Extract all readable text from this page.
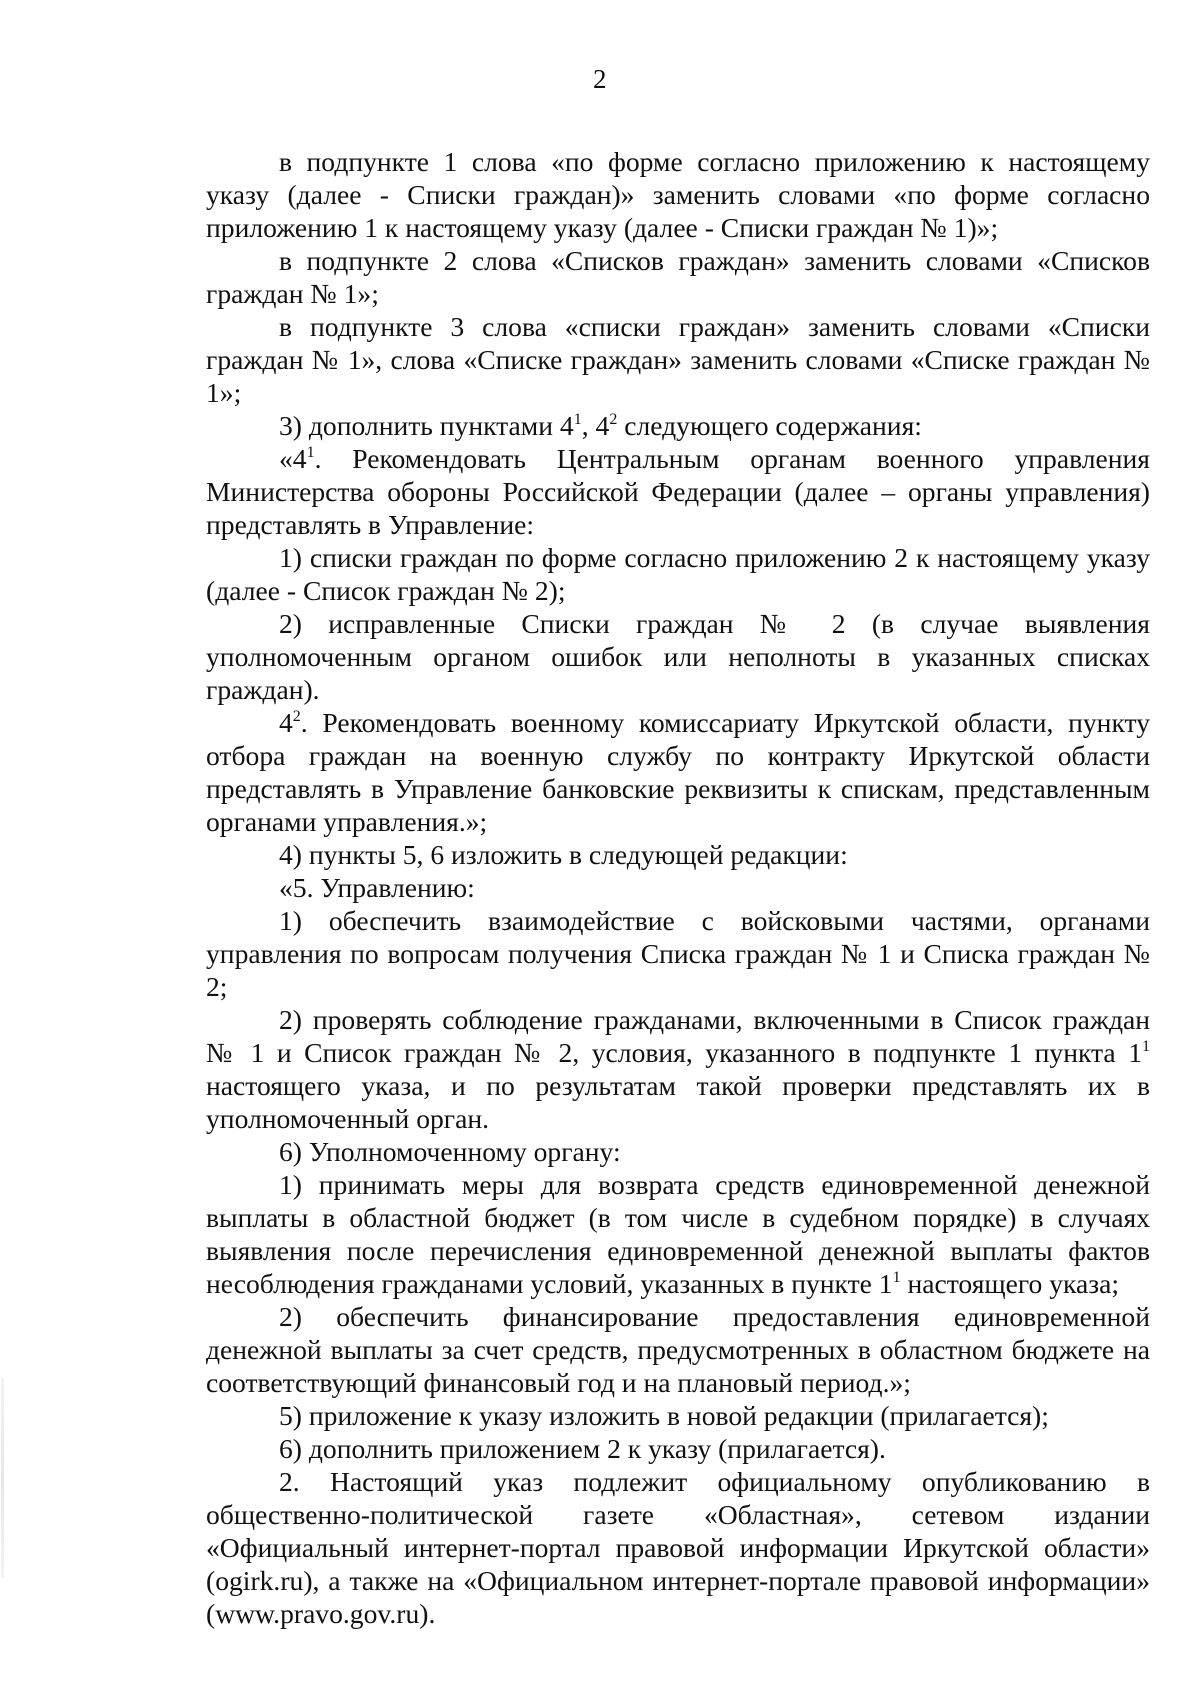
2

в подпункте 1 слова «по форме согласно приложению к настоящему указу (далее - Списки граждан)» заменить словами «по форме согласно приложению 1 к настоящему указу (далее - Списки граждан № 1)»;

в подпункте 2 слова «Списков граждан» заменить словами «Списков граждан № 1»;

в подпункте 3 слова «списки граждан» заменить словами «Списки граждан № 1», слова «Списке граждан» заменить словами «Списке граждан № 1»;

3) дополнить пунктами $4^1$, $4^2$ следующего содержания:

«$4^1$. Рекомендовать Центральным органам военного управления Министерства обороны Российской Федерации (далее – органы управления) представлять в Управление:

1) списки граждан по форме согласно приложению 2 к настоящему указу (далее - Список граждан № 2);

2) исправленные Списки граждан № 2 (в случае выявления уполномоченным органом ошибок или неполноты в указанных списках граждан).

$4^2$. Рекомендовать военному комиссариату Иркутской области, пункту отбора граждан на военную службу по контракту Иркутской области представлять в Управление банковские реквизиты к спискам, представленным органами управления.»;

4) пункты 5, 6 изложить в следующей редакции:

«5. Управлению:

1) обеспечить взаимодействие с войсковыми частями, органами управления по вопросам получения Списка граждан № 1 и Списка граждан № 2;

2) проверять соблюдение гражданами, включенными в Список граждан № 1 и Список граждан № 2, условия, указанного в подпункте 1 пункта $1^1$ настоящего указа, и по результатам такой проверки представлять их в уполномоченный орган.

6) Уполномоченному органу:

1) принимать меры для возврата средств единовременной денежной выплаты в областной бюджет (в том числе в судебном порядке) в случаях выявления после перечисления единовременной денежной выплаты фактов несоблюдения гражданами условий, указанных в пункте $1^1$ настоящего указа;

2) обеспечить финансирование предоставления единовременной денежной выплаты за счет средств, предусмотренных в областном бюджете на соответствующий финансовый год и на плановый период.»;

5) приложение к указу изложить в новой редакции (прилагается);

6) дополнить приложением 2 к указу (прилагается).

2. Настоящий указ подлежит официальному опубликованию в общественно-политической газете «Областная», сетевом издании «Официальный интернет-портал правовой информации Иркутской области» (ogirk.ru), а также на «Официальном интернет-портале правовой информации» (www.pravo.gov.ru).
